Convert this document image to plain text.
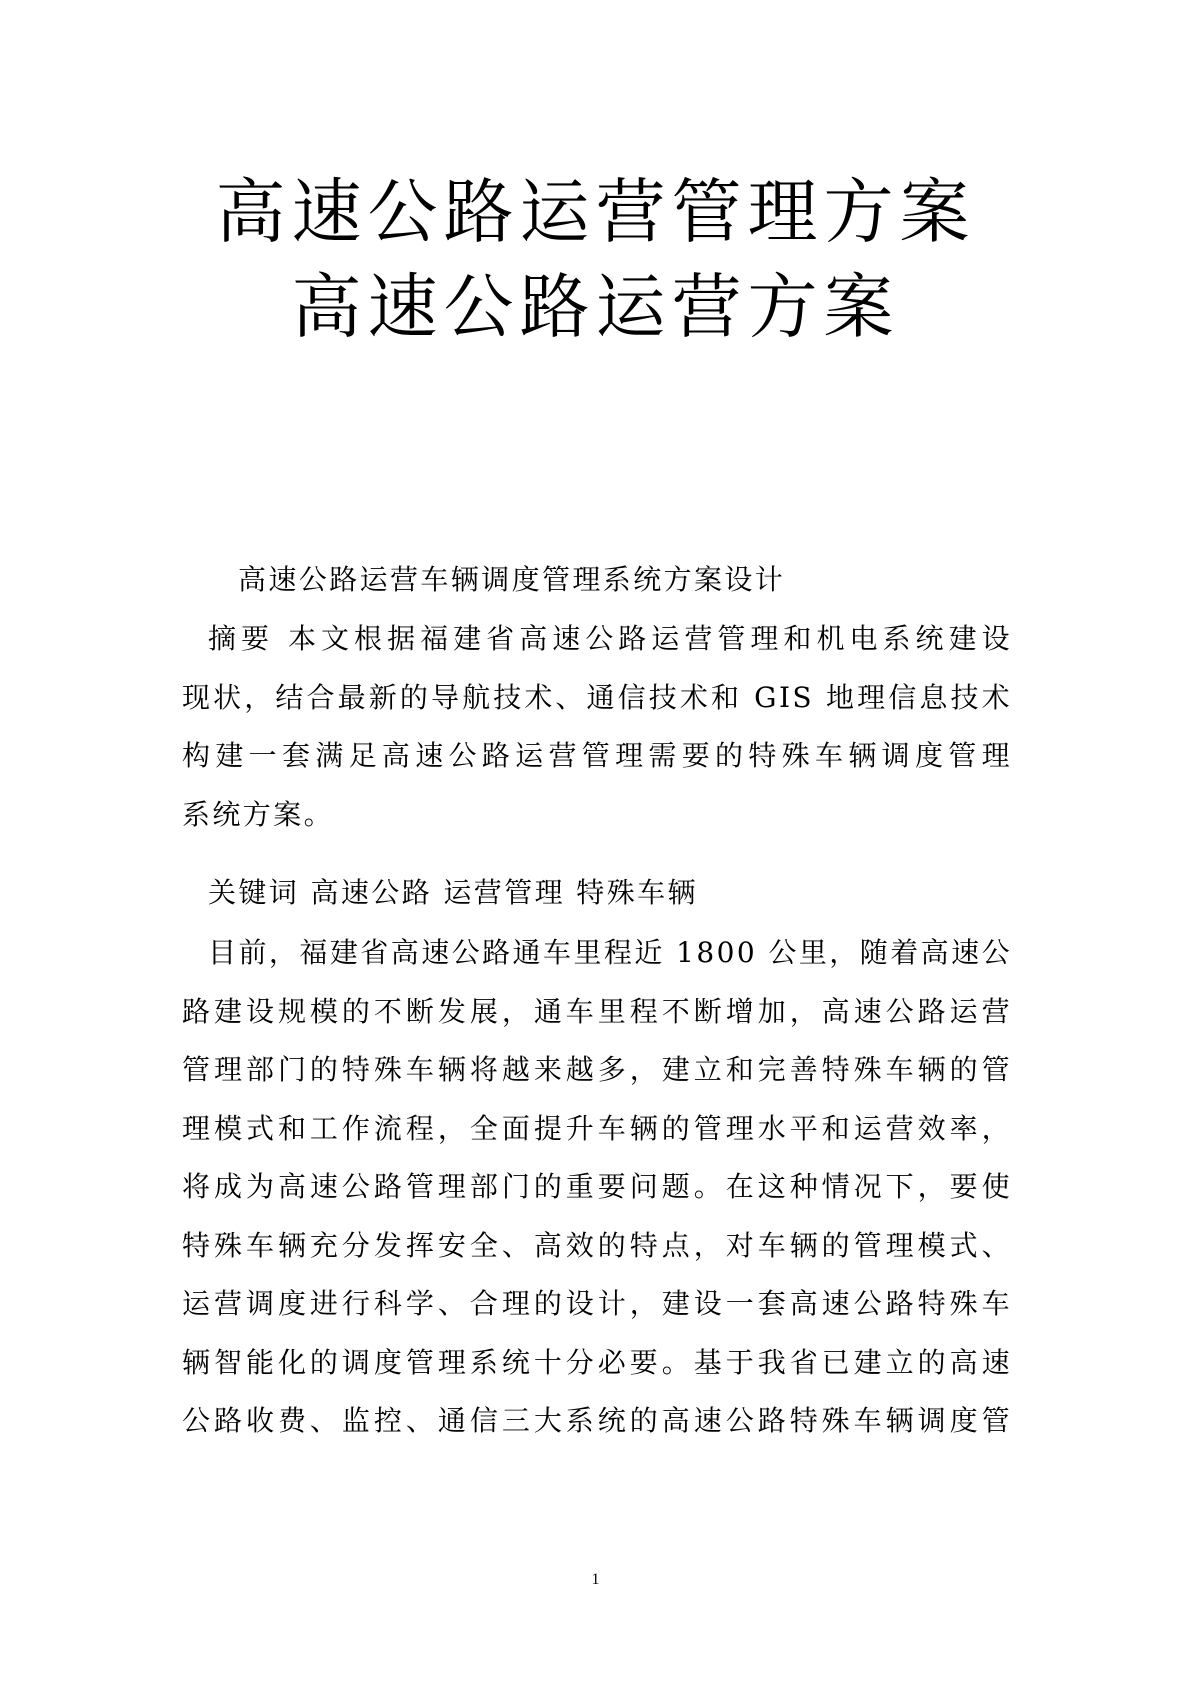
高速公路运营管理方案
高速公路运营方案
高速公路运营车辆调度管理系统方案设计
摘要 本文根据福建省高速公路运营管理和机电系统建设
现状，结合最新的导航技术、通信技术和 GIS 地理信息技术
构建一套满足高速公路运营管理需要的特殊车辆调度管理
系统方案。
关键词 高速公路 运营管理 特殊车辆
目前，福建省高速公路通车里程近 1800 公里，随着高速公
路建设规模的不断发展，通车里程不断增加，高速公路运营
管理部门的特殊车辆将越来越多，建立和完善特殊车辆的管
理模式和工作流程，全面提升车辆的管理水平和运营效率，
将成为高速公路管理部门的重要问题。在这种情况下，要使
特殊车辆充分发挥安全、高效的特点，对车辆的管理模式、
运营调度进行科学、合理的设计，建设一套高速公路特殊车
辆智能化的调度管理系统十分必要。基于我省已建立的高速
公路收费、监控、通信三大系统的高速公路特殊车辆调度管
1
